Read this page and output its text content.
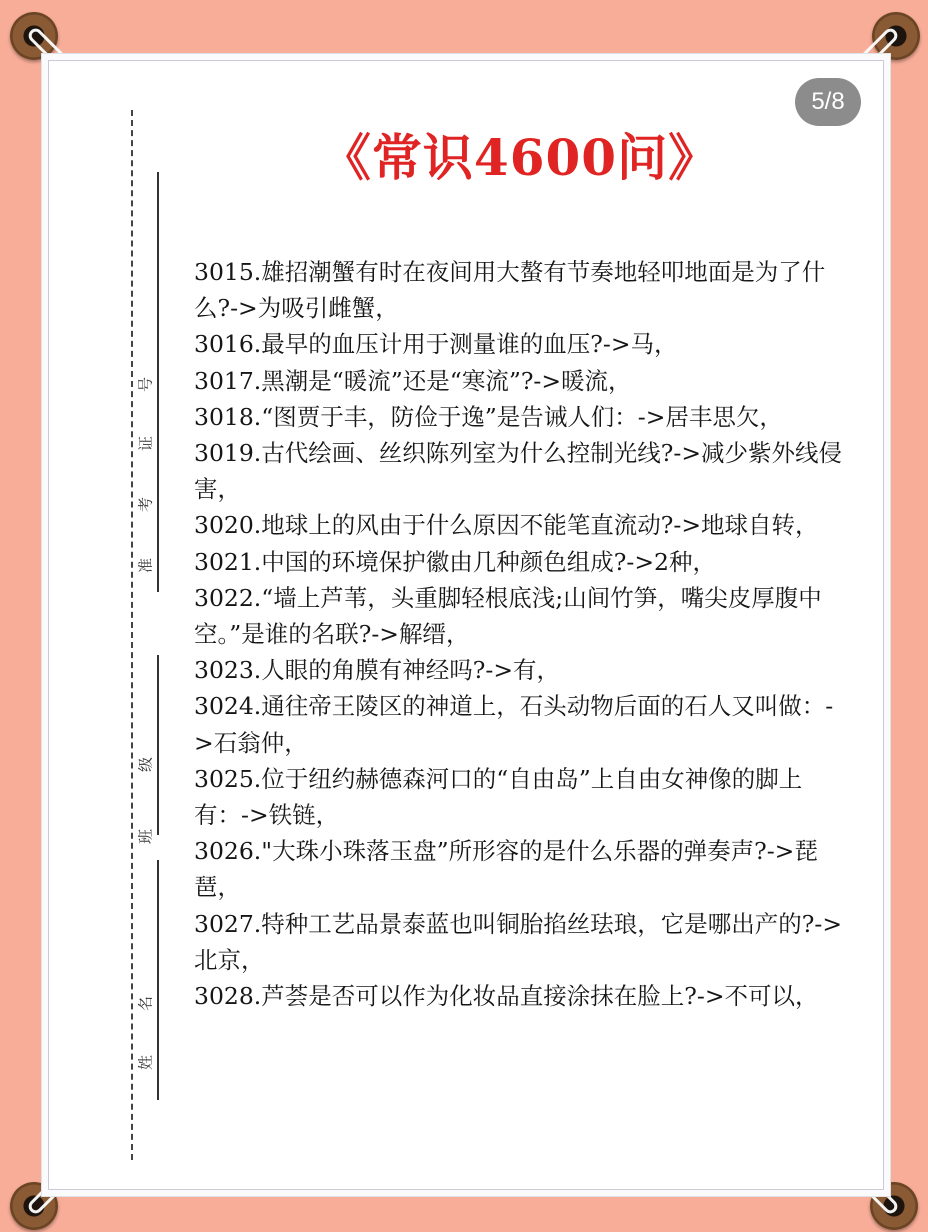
5/8
《常识4600问》
号
证
考
准
级
班
名
姓

3015.雄招潮蟹有时在夜间用大螯有节奏地轻叩地面是为了什么?->为吸引雌蟹，

3016.最早的血压计用于测量谁的血压?->马，

3017.黑潮是“暖流”还是“寒流”?->暖流，

3018.“图贾于丰，防俭于逸”是告诫人们：->居丰思欠，

3019.古代绘画、丝织陈列室为什么控制光线?->减少紫外线侵害，

3020.地球上的风由于什么原因不能笔直流动?->地球自转，

3021.中国的环境保护徽由几种颜色组成?->2种，

3022.“墙上芦苇，头重脚轻根底浅;山间竹笋，嘴尖皮厚腹中空。”是谁的名联?->解缙，

3023.人眼的角膜有神经吗?->有，

3024.通往帝王陵区的神道上，石头动物后面的石人又叫做：->石翁仲，

3025.位于纽约赫德森河口的“自由岛”上自由女神像的脚上有：->铁链，

3026."大珠小珠落玉盘”所形容的是什么乐器的弹奏声?->琵琶，

3027.特种工艺品景泰蓝也叫铜胎掐丝珐琅，它是哪出产的?->北京，

3028.芦荟是否可以作为化妆品直接涂抹在脸上?->不可以，
